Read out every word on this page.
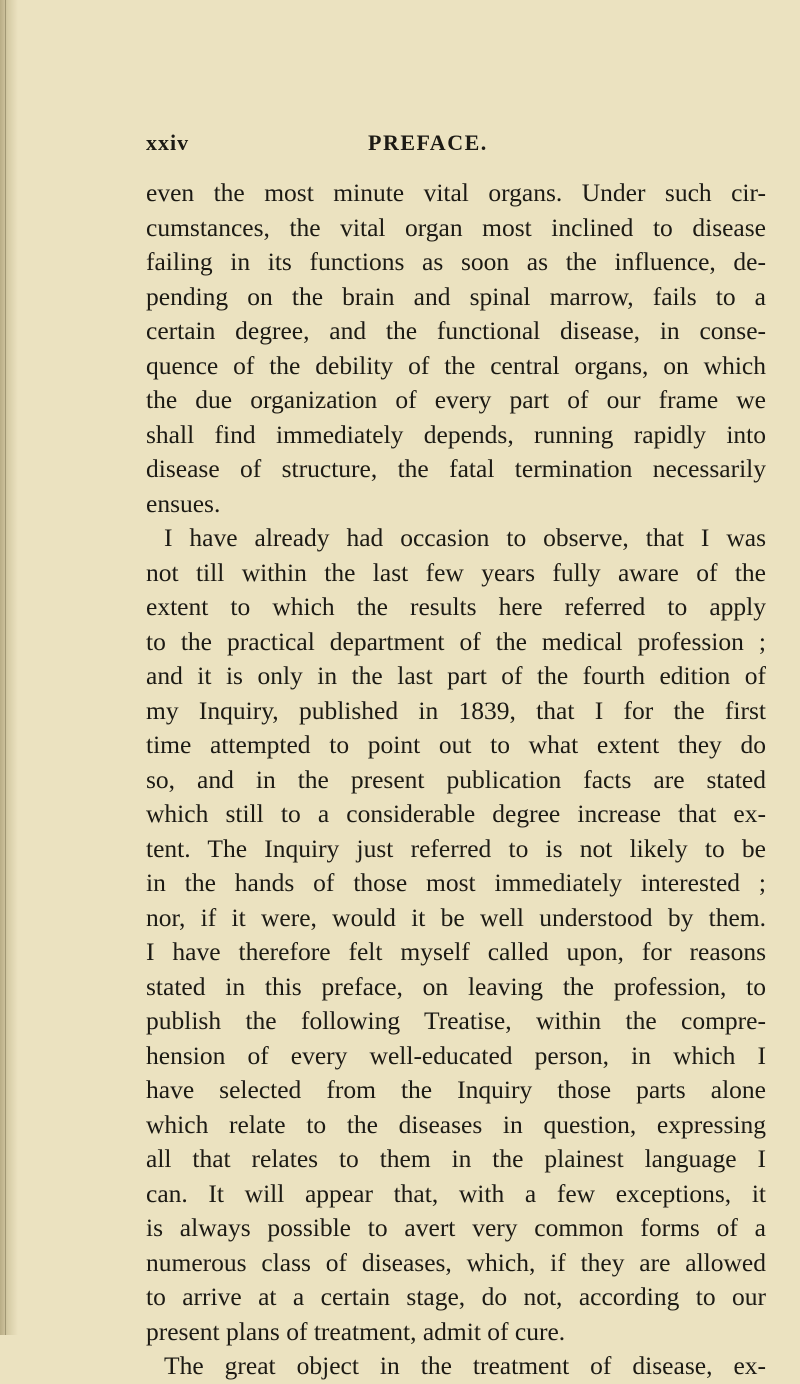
xxiv	PREFACE.
even the most minute vital organs. Under such cir-
cumstances, the vital organ most inclined to disease
failing in its functions as soon as the influence, de-
pending on the brain and spinal marrow, fails to a
certain degree, and the functional disease, in conse-
quence of the debility of the central organs, on which
the due organization of every part of our frame we
shall find immediately depends, running rapidly into
disease of structure, the fatal termination necessarily
ensues.
I have already had occasion to observe, that I was
not till within the last few years fully aware of the
extent to which the results here referred to apply
to the practical department of the medical profession ;
and it is only in the last part of the fourth edition of
my Inquiry, published in 1839, that I for the first
time attempted to point out to what extent they do
so, and in the present publication facts are stated
which still to a considerable degree increase that ex-
tent. The Inquiry just referred to is not likely to be
in the hands of those most immediately interested ;
nor, if it were, would it be well understood by them.
I have therefore felt myself called upon, for reasons
stated in this preface, on leaving the profession, to
publish the following Treatise, within the compre-
hension of every well-educated person, in which I
have selected from the Inquiry those parts alone
which relate to the diseases in question, expressing
all that relates to them in the plainest language I
can. It will appear that, with a few exceptions, it
is always possible to avert very common forms of a
numerous class of diseases, which, if they are allowed
to arrive at a certain stage, do not, according to our
present plans of treatment, admit of cure.
The great object in the treatment of disease, ex-
